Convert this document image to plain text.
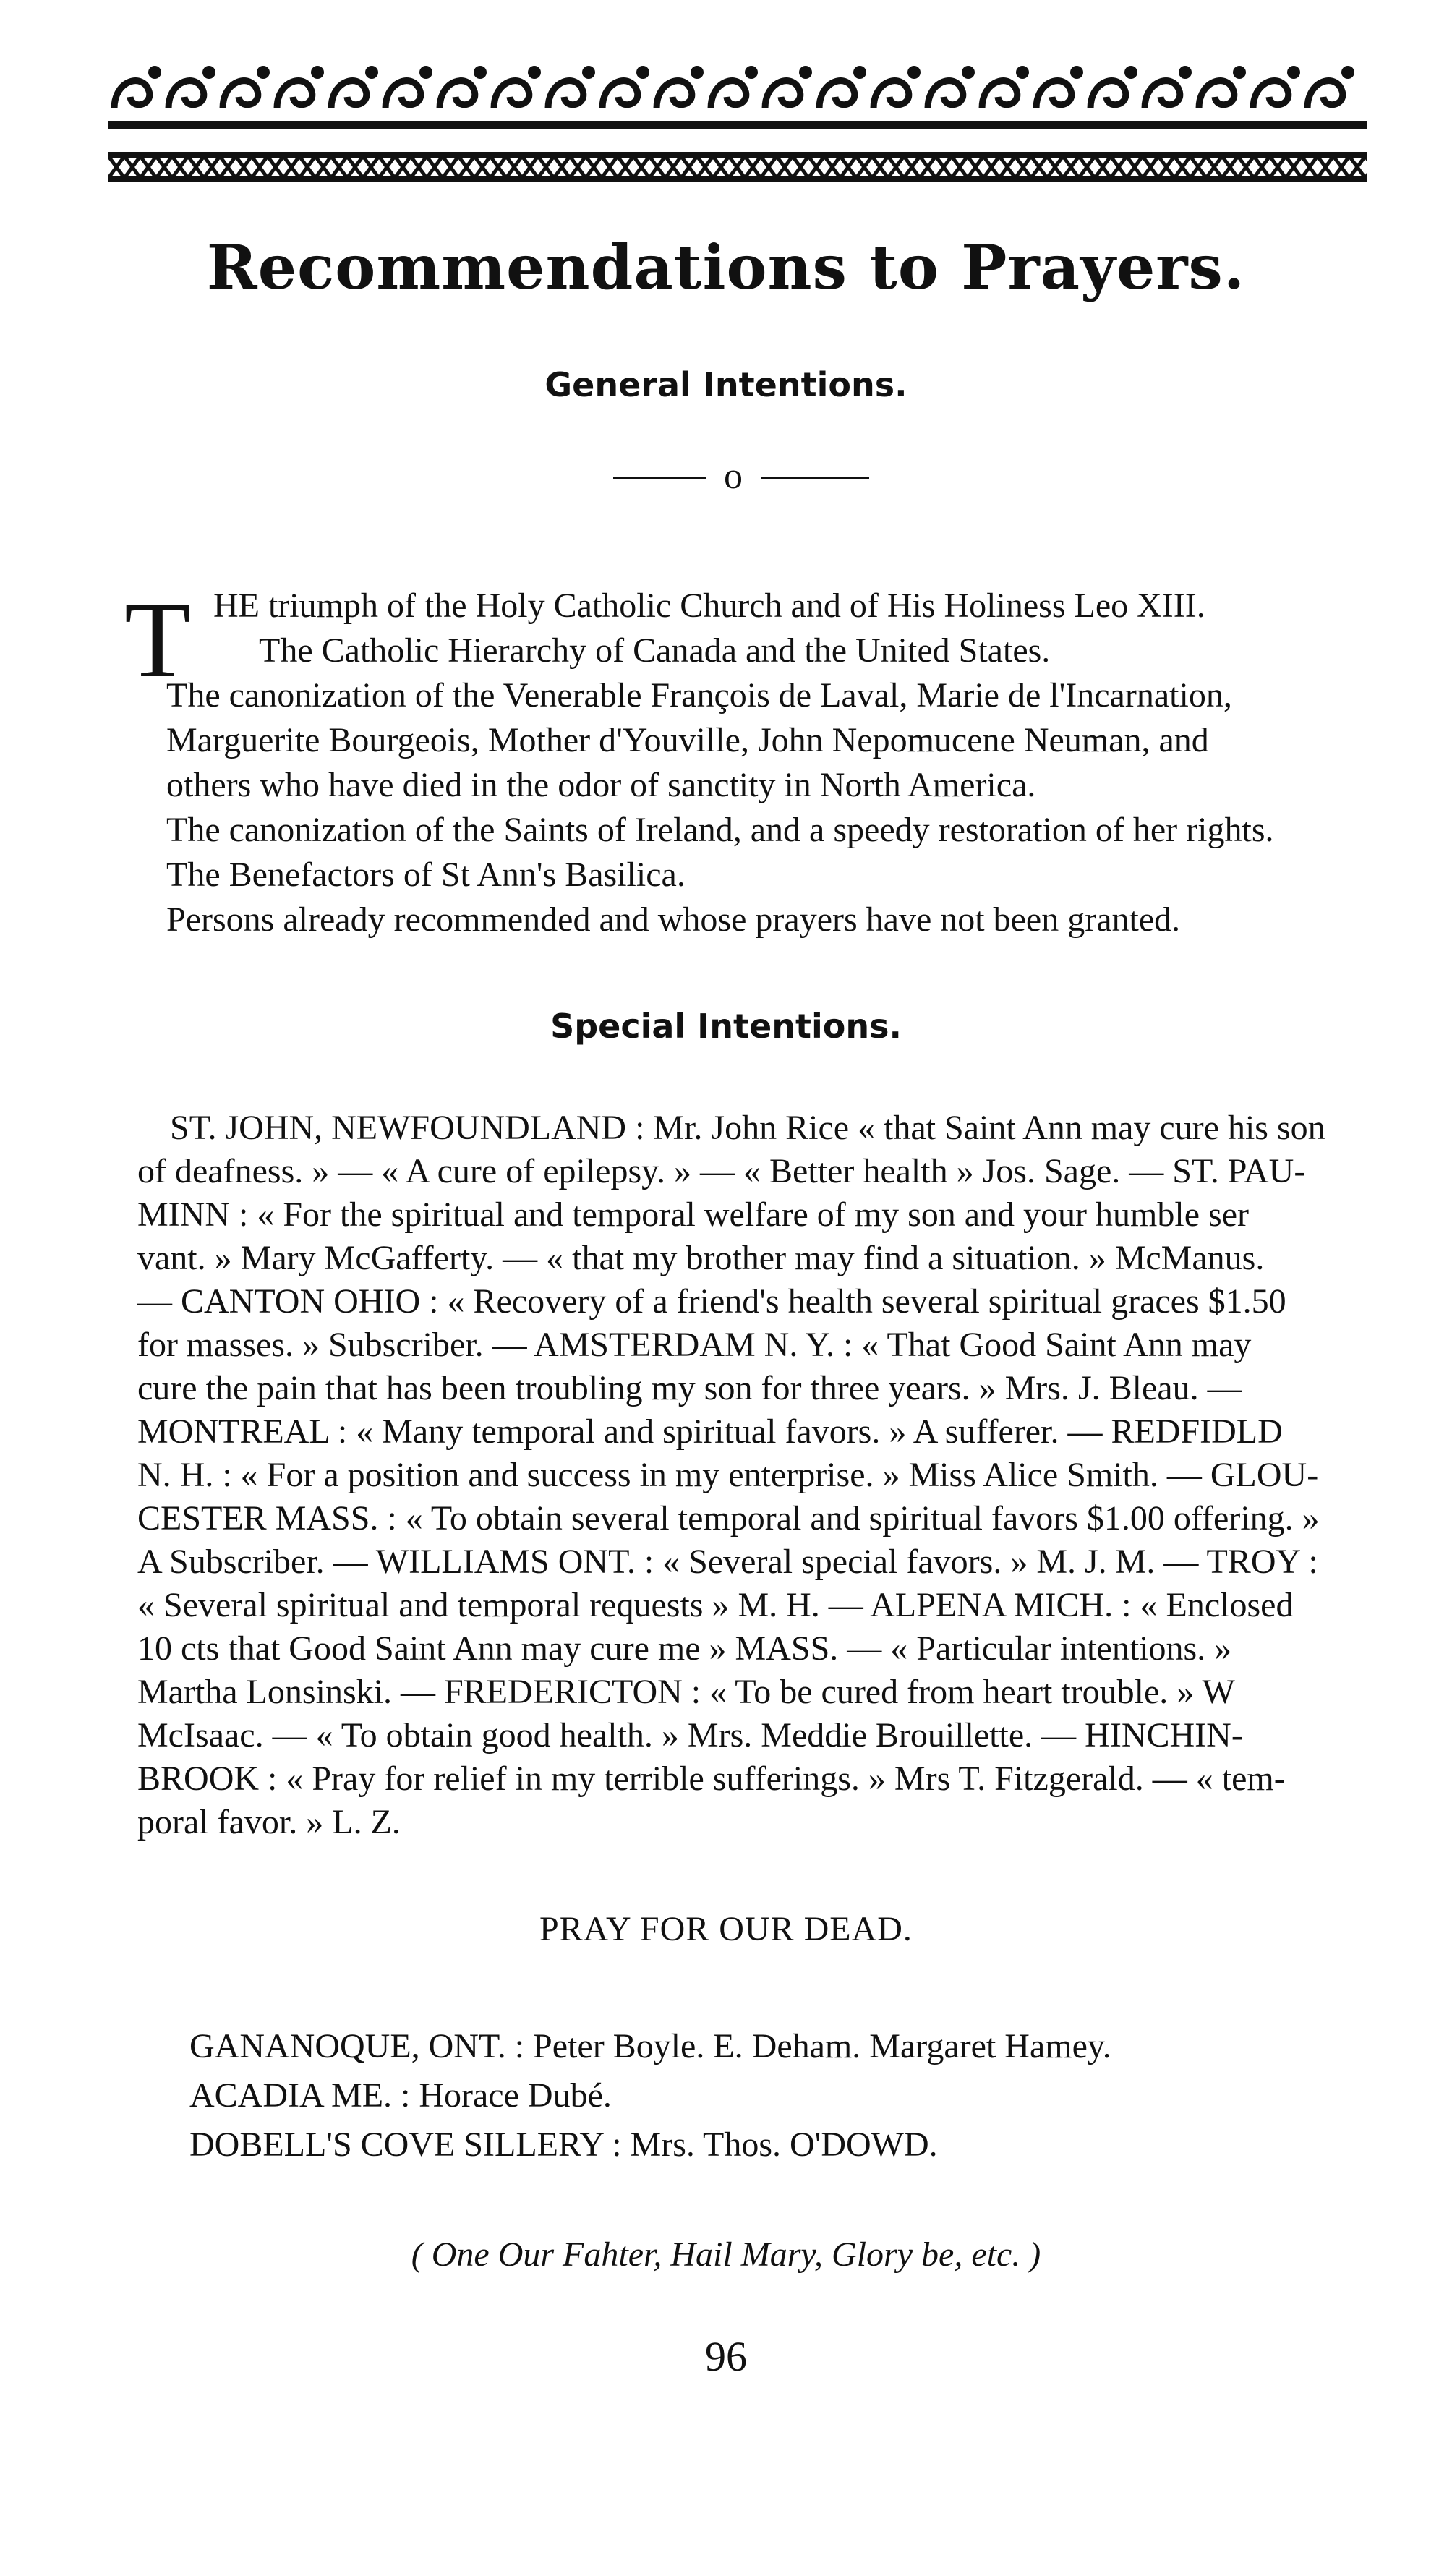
Recommendations to Prayers.
General Intentions.
o
T HE triumph of the Holy Catholic Church and of His Holiness Leo XIII.
The Catholic Hierarchy of Canada and the United States.
The canonization of the Venerable François de Laval, Marie de l'Incarnation,
Marguerite Bourgeois, Mother d'Youville, John Nepomucene Neuman, and
others who have died in the odor of sanctity in North America.
The canonization of the Saints of Ireland, and a speedy restoration of her rights.
The Benefactors of St Ann's Basilica.
Persons already recommended and whose prayers have not been granted.
Special Intentions.
ST. JOHN, NEWFOUNDLAND : Mr. John Rice « that Saint Ann may cure his son
of deafness. » — « A cure of epilepsy. » — « Better health » Jos. Sage. — ST. PAU-
MINN : « For the spiritual and temporal welfare of my son and your humble ser
vant. » Mary McGafferty. — « that my brother may find a situation. » McManus.
— CANTON OHIO : « Recovery of a friend's health several spiritual graces $1.50
for masses. » Subscriber. — AMSTERDAM N. Y. : « That Good Saint Ann may
cure the pain that has been troubling my son for three years. » Mrs. J. Bleau. —
MONTREAL : « Many temporal and spiritual favors. » A sufferer. — REDFIDLD
N. H. : « For a position and success in my enterprise. » Miss Alice Smith. — GLOU-
CESTER MASS. : « To obtain several temporal and spiritual favors $1.00 offering. »
A Subscriber. — WILLIAMS ONT. : « Several special favors. » M. J. M. — TROY :
« Several spiritual and temporal requests » M. H. — ALPENA MICH. : « Enclosed
10 cts that Good Saint Ann may cure me » MASS. — « Particular intentions. »
Martha Lonsinski. — FREDERICTON : « To be cured from heart trouble. » W
McIsaac. — « To obtain good health. » Mrs. Meddie Brouillette. — HINCHIN-
BROOK : « Pray for relief in my terrible sufferings. » Mrs T. Fitzgerald. — « tem-
poral favor. » L. Z.
PRAY FOR OUR DEAD.
GANANOQUE, ONT. : Peter Boyle. E. Deham. Margaret Hamey.
ACADIA ME. : Horace Dubé.
DOBELL'S COVE SILLERY : Mrs. Thos. O'DOWD.
( One Our Fahter, Hail Mary, Glory be, etc. )
96
